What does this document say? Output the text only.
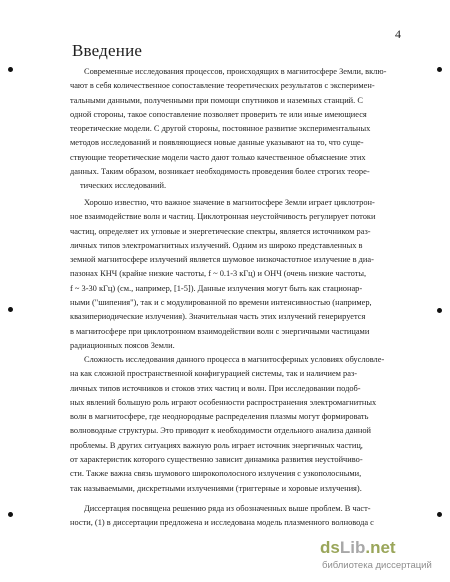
4
Введение

Современные исследования процессов, происходящих в магнитосфере Земли, вклю-
чают в себя количественное сопоставление теоретических результатов с эксперимен-
тальными данными, полученными при помощи спутников и наземных станций. С
одной стороны, такое сопоставление позволяет проверить те или иные имеющиеся
теоретические модели. С другой стороны, постоянное развитие экспериментальных
методов исследований и появляющиеся новые данные указывают на то, что суще-
ствующие теоретические модели часто дают только качественное объяснение этих
данных. Таким образом, возникает необходимость проведения более строгих теоре-
тических исследований.

Хорошо известно, что важное значение в магнитосфере Земли играет циклотрон-
ное взаимодействие волн и частиц. Циклотронная неустойчивость регулирует потоки
частиц, определяет их угловые и энергетические спектры, является источником раз-
личных типов электромагнитных излучений. Одним из широко представленных в
земной магнитосфере излучений является шумовое низкочастотное излучение в диа-
пазонах КНЧ (крайне низкие частоты, f ~ 0.1-3 кГц) и ОНЧ (очень низкие частоты,
f ~ 3-30 кГц) (см., например, [1-5]). Данные излучения могут быть как стационар-
ными ("шипения"), так и с модулированной по времени интенсивностью (например,
квазипериодические излучения). Значительная часть этих излучений генерируется
в магнитосфере при циклотронном взаимодействии волн с энергичными частицами
радиационных поясов Земли.

Сложность исследования данного процесса в магнитосферных условиях обусловле-
на как сложной пространственной конфигурацией системы, так и наличием раз-
личных типов источников и стоков этих частиц и волн. При исследовании подоб-
ных явлений большую роль играют особенности распространения электромагнитных
волн в магнитосфере, где неоднородные распределения плазмы могут формировать
волноводные структуры. Это приводит к необходимости отдельного анализа данной
проблемы. В других ситуациях важную роль играет источник энергичных частиц,
от характеристик которого существенно зависит динамика развития неустойчиво-
сти. Также важна связь шумового широкополосного излучения с узкополосными,
так называемыми, дискретными излучениями (триггерные и хоровые излучения).

Диссертация посвящена решению ряда из обозначенных выше проблем. В част-
ности, (1) в диссертации предложена и исследована модель плазменного волновода с

dsLib.net
библиотека диссертаций
